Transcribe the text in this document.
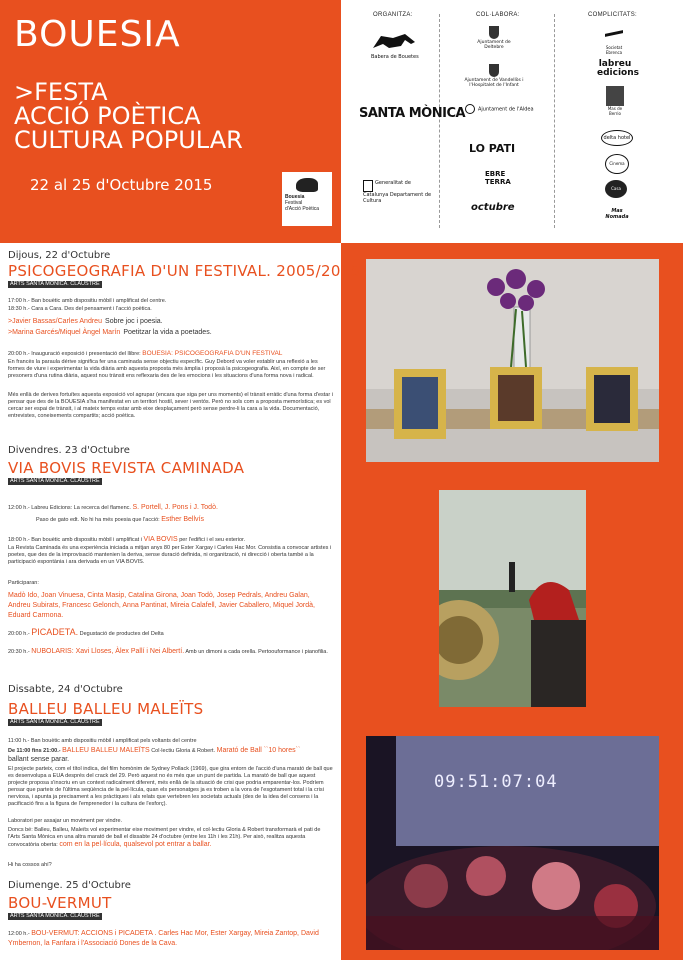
BOUESIA
>FESTA
ACCIÓ POÈTICA
CULTURA POPULAR
22 al 25 d'Octubre 2015
Bouesia
Festival
d'Acció Poètica
ORGANITZA:	COL·LABORA:	COMPLICITATS:
Babera de Bouetes
SANTA MÒNICA
Generalitat de Catalunya Departament de Cultura
Ajuntament de Deltebre
Ajuntament de Vandellòs i l'Hospitalet de l'Infant
Ajuntament de l'Aldea
LO PATI
EBRE TERRA
octubre
Societat Ebrenca
labreu edicions
Mas de Berrio
delta hotel
Cinema
Casa
Mas Nomada
09:51:07:04
Dijous, 22 d'Octubre
PSICOGEOGRAFIA D'UN FESTIVAL. 2005/2015
ARTS SANTA MÒNICA. CLAUSTRE
17:00 h.- Ban bouètic amb dispositiu mòbil i amplificat del centre.
18:30 h.- Cara a Cara. Des del pensament i l'acció poètica.
>Javier Bassas/Carles Andreu Sobre joc i poesia.
>Marina Garcés/Miquel Àngel Marín Poetitzar la vida a poetades.
20:00 h.- Inauguració exposició i presentació del llibre: BOUESIA: PSICOGEOGRAFIA D'UN FESTIVAL
En francès la paraula dérive significa fer una caminada sense objectiu específic. Guy Debord va voler establir una reflexió a les formes de viure i experimentar la vida diària amb aquesta proposta més àmplia i proposà la psicogeografia. Així, en compte de ser presoners d'una rutina diària, aquest nou trànsit ens reflexaria des de les emocions i les situacions d'una forma nova i radical.
Més enllà de derives fortuïtes aquesta exposició vol agrupar (encara que siga per uns moments) el trànsit erràtic d'una forma d'estar i pensar que des de la BOUESIA s'ha manifestat en un territori hostil, sever i ventós. Però no sols com a proposta memorística; es vol cercar ser espai de trànsit, i al mateix temps estar amb eixe desplaçament però sense perdre-li la cara a la vida. Documentació, entrevistes, coneixements compartits; acció poètica.
Divendres. 23 d'Octubre
VIA BOVIS REVISTA CAMINADA
ARTS SANTA MÒNICA. CLAUSTRE
12:00 h.- Labreu Edicions: La recerca del flamenc. S. Portell, J. Pons i J. Todò.
Paso de gato edt. No hi ha més poesia que l'acció: Esther Bellvís
18:00 h.- Ban bouètic amb dispositiu mòbil i amplificat i VIA BOVIS per l'edifici i el seu exterior.
La Revista Caminada és una experiència iniciada a mitjan anys 80 per Ester Xargay i Carles Hac Mor. Consistia a convocar artistes i poetes, que des de la improvisació mantenien la deriva, sense duració definida, ni organització, ni direcció i oberta també a la participació espontània i ara derivada en un VIA BOVIS.
Participaran:
Madò Ido, Joan Vinuesa, Cinta Masip, Catalina Girona, Joan Todò, Josep Pedrals, Andreu Galan, Andreu Subirats, Francesc Gelonch, Anna Pantinat, Mireia Calafell, Javier Caballero, Miquel Jordà, Eduard Carmona.
20:00 h.- PICADETA. Degustació de productes del Delta
20:30 h.- NUBOLARIS: Xavi Lloses, Àlex Pallí i Nei Albertí. Amb un dimoni a cada orella. Pertoouformance i pianofilia.
Dissabte, 24 d'Octubre
BALLEU BALLEU MALEÏTS
ARTS SANTA MÒNICA. CLAUSTRE
11:00 h.- Ban bouètic amb dispositiu mòbil i amplificat pels voltants del centre
De 11:00 fins 21:00.- BALLEU BALLEU MALEÏTS Col·lectiu Gloria & Robert. Marató de Ball ``10 hores``
ballant sense parar.
El projecte parteix, com el títol indica, del film homònim de Sydney Pollack (1969), que gira entorn de l'acció d'una marató de ball que es desenvolupa a EUA després del crack del 29. Però aquest no és més que un punt de partida. La marató de ball que aquest projecte proposa s'inscriu en un context radicalment diferent, més enllà de la situació de crisi que podria emparentar-los. Podríem pensar que parteix de l'última seqüència de la pel·lícula, quan els personatges ja es troben a la vora de l'esgotament total i la crisi nerviosa, i apunta ja precisament a les pràctiques i als relats que vertebren les societats actuals (des de la idea del consens i la pacificació fins a la figura de l'emprenedor i la cultura de l'esforç).
Laboratori per assajar un moviment per vindre.
Doncs bé: Balleu, Balleu, Maleïts vol experimentar eixe moviment per vindre, el col·lectiu Gloria & Robert transformarà el pati de l'Arts Santa Mònica en una altra marató de ball el dissabte 24 d'octubre (entre les 11h i les 21h). Per això, realitza aquesta convocatòria oberta: com en la pel·lícula, qualsevol pot entrar a ballar.
Hi ha cossos ahí?
Diumenge. 25 d'Octubre
BOU-VERMUT
ARTS SANTA MÒNICA. CLAUSTRE
12:00 h.- BOU-VERMUT: ACCIONS i PICADETA . Carles Hac Mor, Ester Xargay, Mireia Zantop, David Ymbernon, la Fanfara i l'Associació Dones de la Cava.
